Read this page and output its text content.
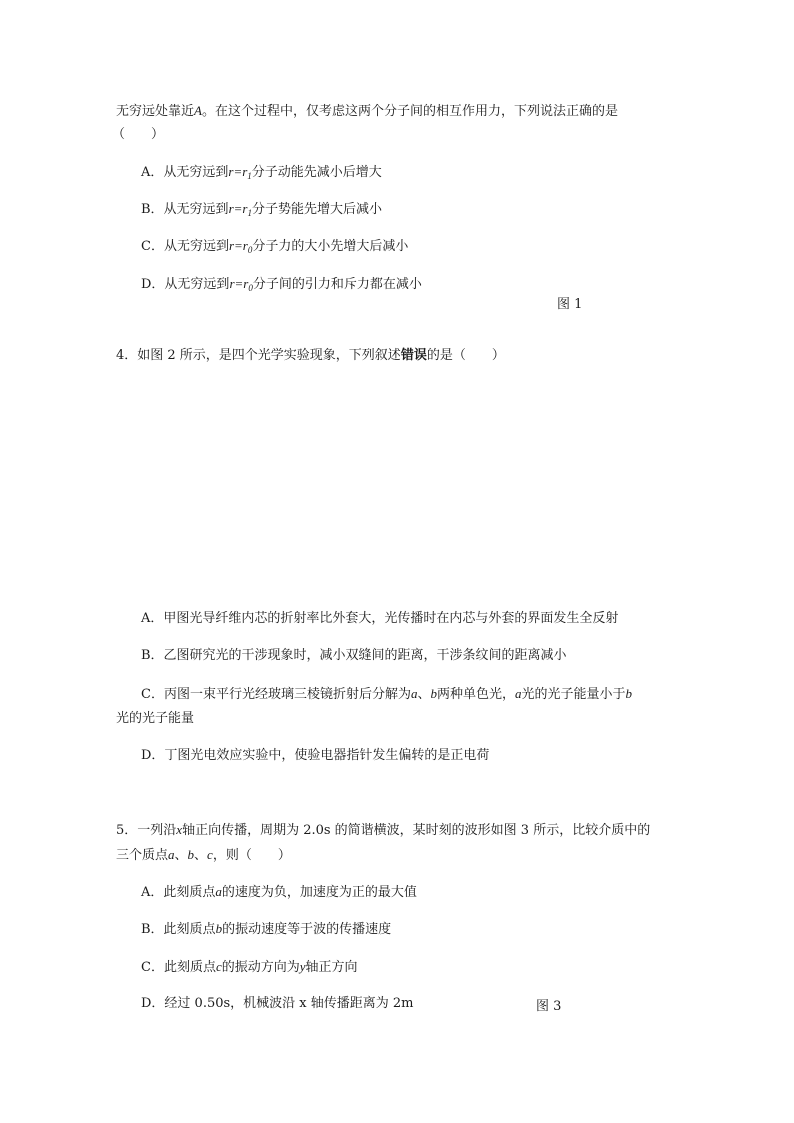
无穷远处靠近A。在这个过程中，仅考虑这两个分子间的相互作用力，下列说法正确的是
（　　）
A．从无穷远到$r=r_1$分子动能先减小后增大
B．从无穷远到$r=r_1$分子势能先增大后减小
C．从无穷远到$r=r_0$分子力的大小先增大后减小
D．从无穷远到$r=r_0$分子间的引力和斥力都在减小
图 1
4．如图 2 所示，是四个光学实验现象，下列叙述错误的是（　　）
A．甲图光导纤维内芯的折射率比外套大，光传播时在内芯与外套的界面发生全反射
B．乙图研究光的干涉现象时，减小双缝间的距离，干涉条纹间的距离减小
C．丙图一束平行光经玻璃三棱镜折射后分解为a、b两种单色光，a光的光子能量小于b
光的光子能量
D．丁图光电效应实验中，使验电器指针发生偏转的是正电荷
5．一列沿x轴正向传播，周期为 2.0s 的简谐横波，某时刻的波形如图 3 所示，比较介质中的
三个质点a、b、c，则（　　）
A．此刻质点a的速度为负，加速度为正的最大值
B．此刻质点b的振动速度等于波的传播速度
C．此刻质点c的振动方向为y轴正方向
D．经过 0.50s，机械波沿 x 轴传播距离为 2m	图 3
